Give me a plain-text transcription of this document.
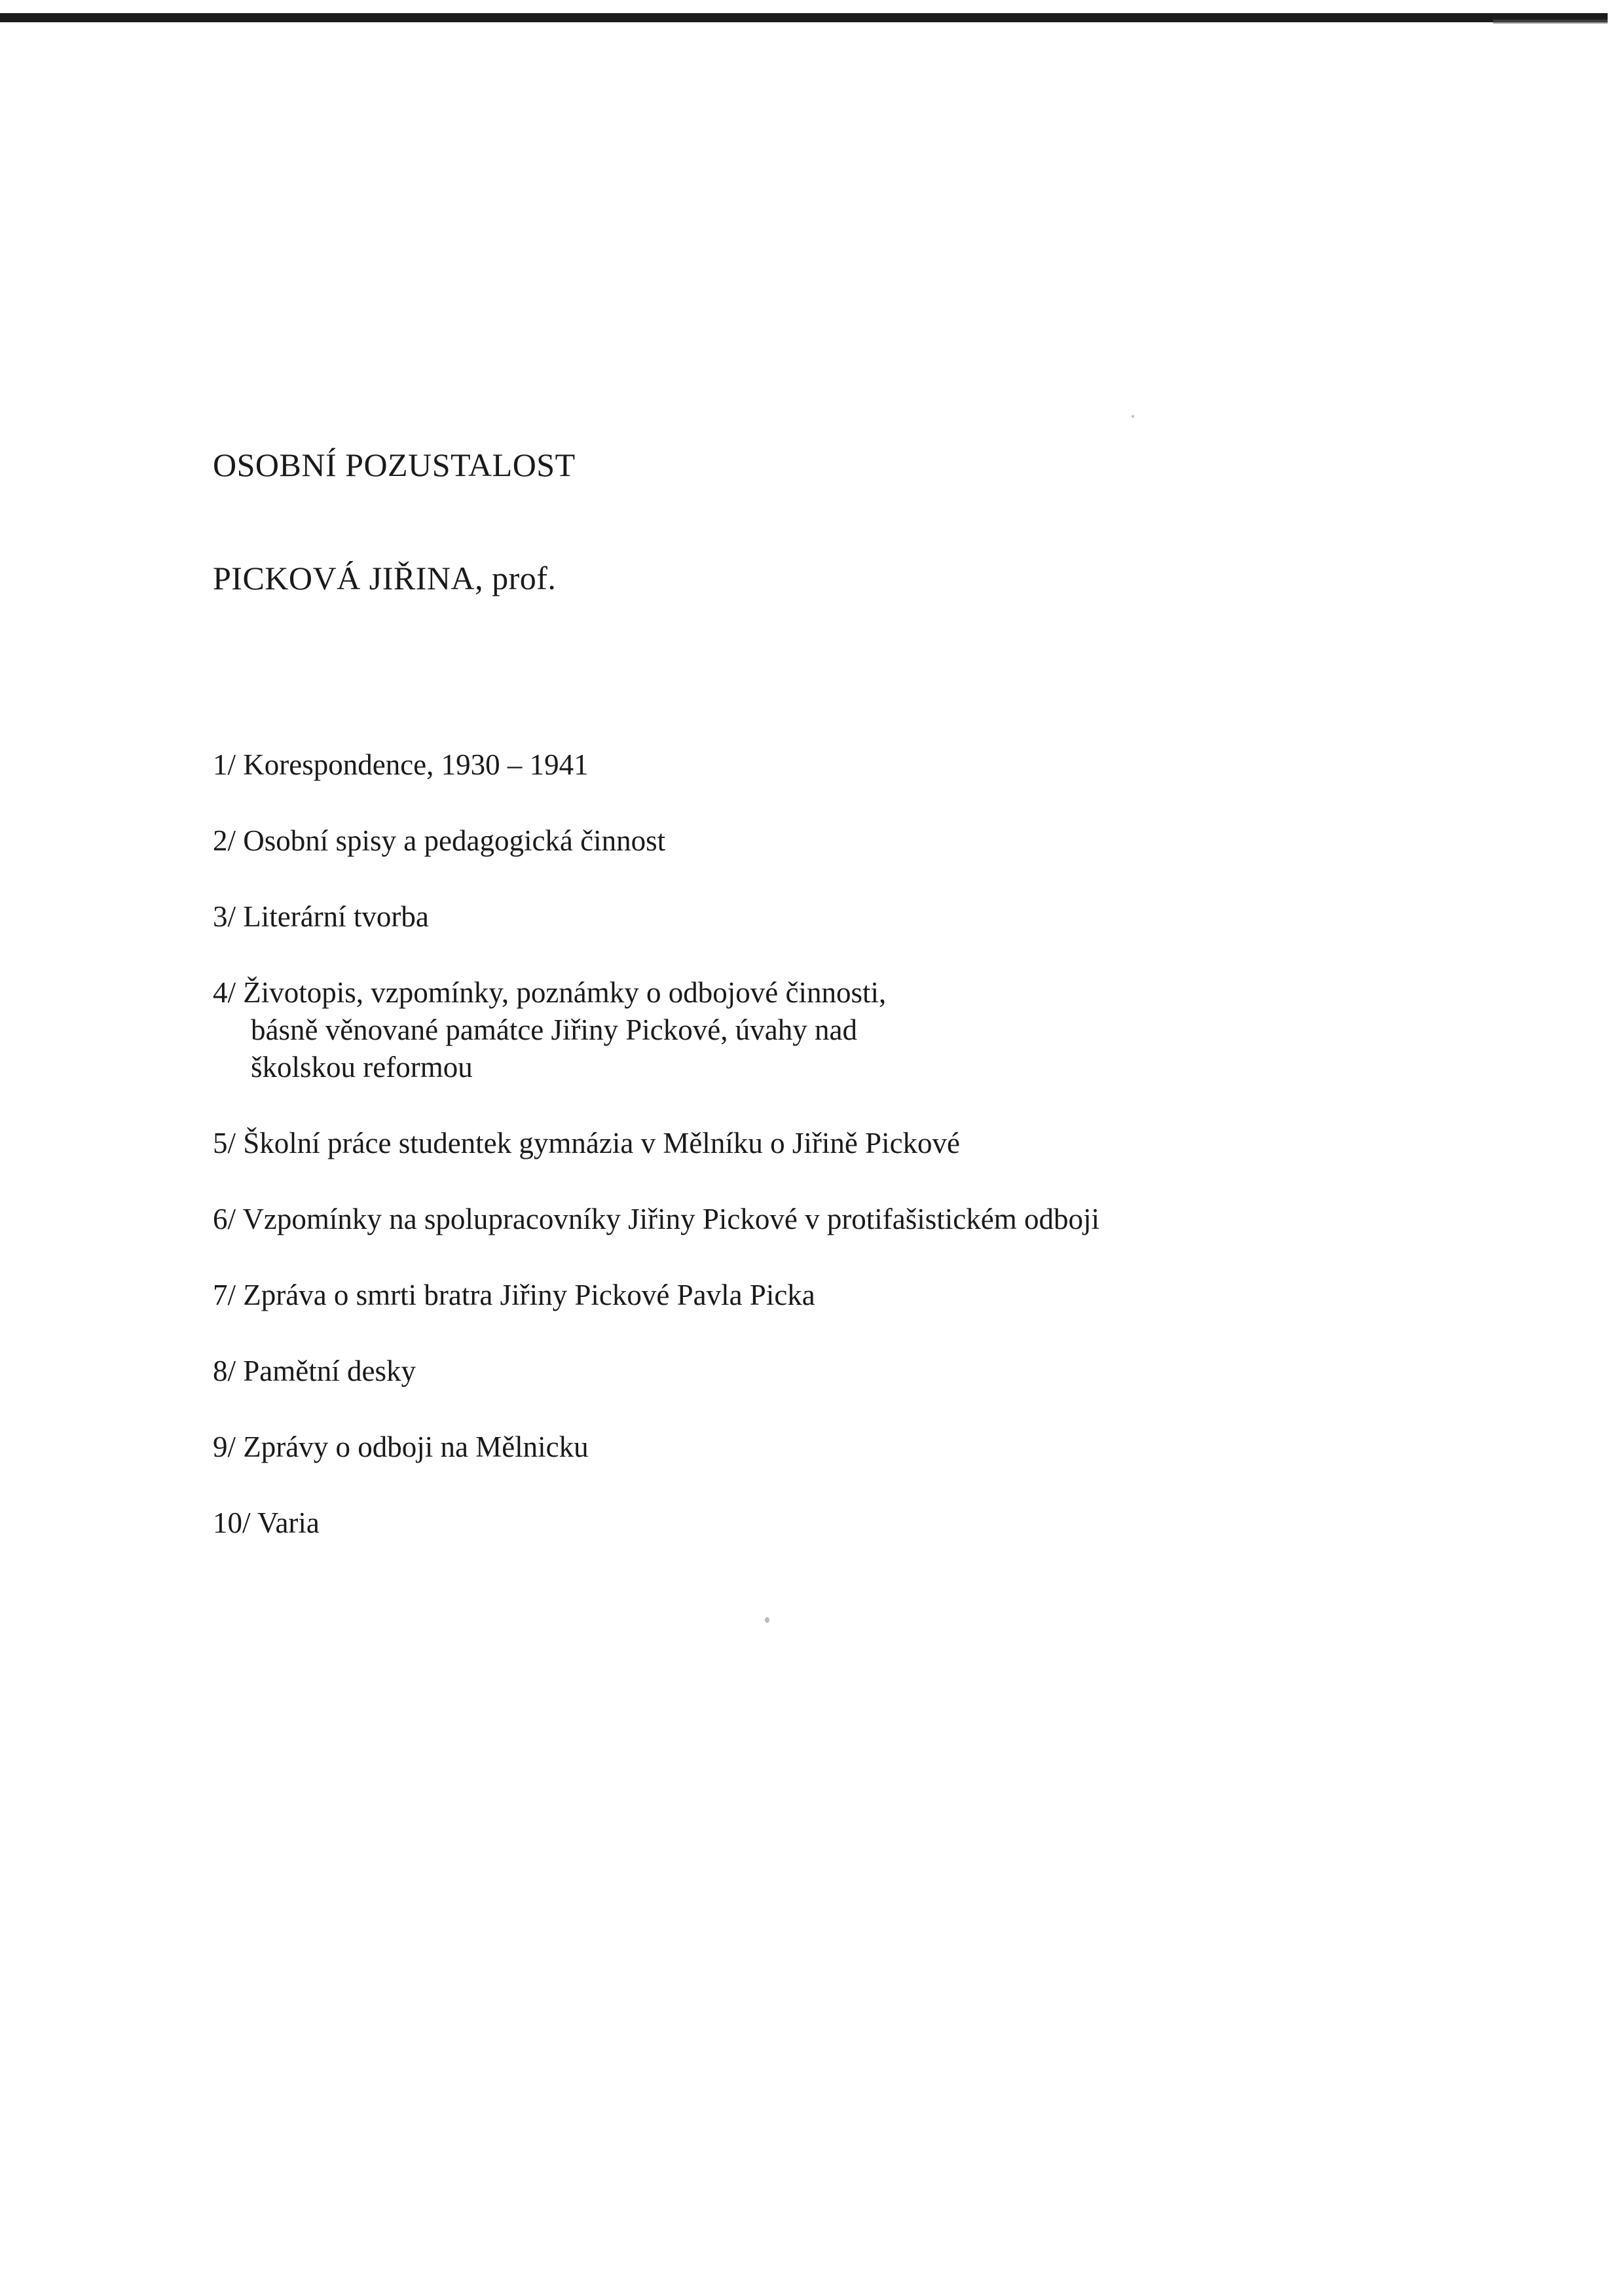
OSOBNÍ POZUSTALOST
PICKOVÁ JIŘINA, prof.
1/ Korespondence, 1930 – 1941
2/ Osobní spisy a pedagogická činnost
3/ Literární tvorba
4/ Životopis, vzpomínky, poznámky o odbojové činnosti,
básně věnované památce Jiřiny Pickové, úvahy nad
školskou reformou
5/ Školní práce studentek gymnázia v Mělníku o Jiřině Pickové
6/ Vzpomínky na spolupracovníky Jiřiny Pickové v protifašistickém odboji
7/ Zpráva o smrti bratra Jiřiny Pickové Pavla Picka
8/ Pamětní desky
9/ Zprávy o odboji na Mělnicku
10/ Varia
